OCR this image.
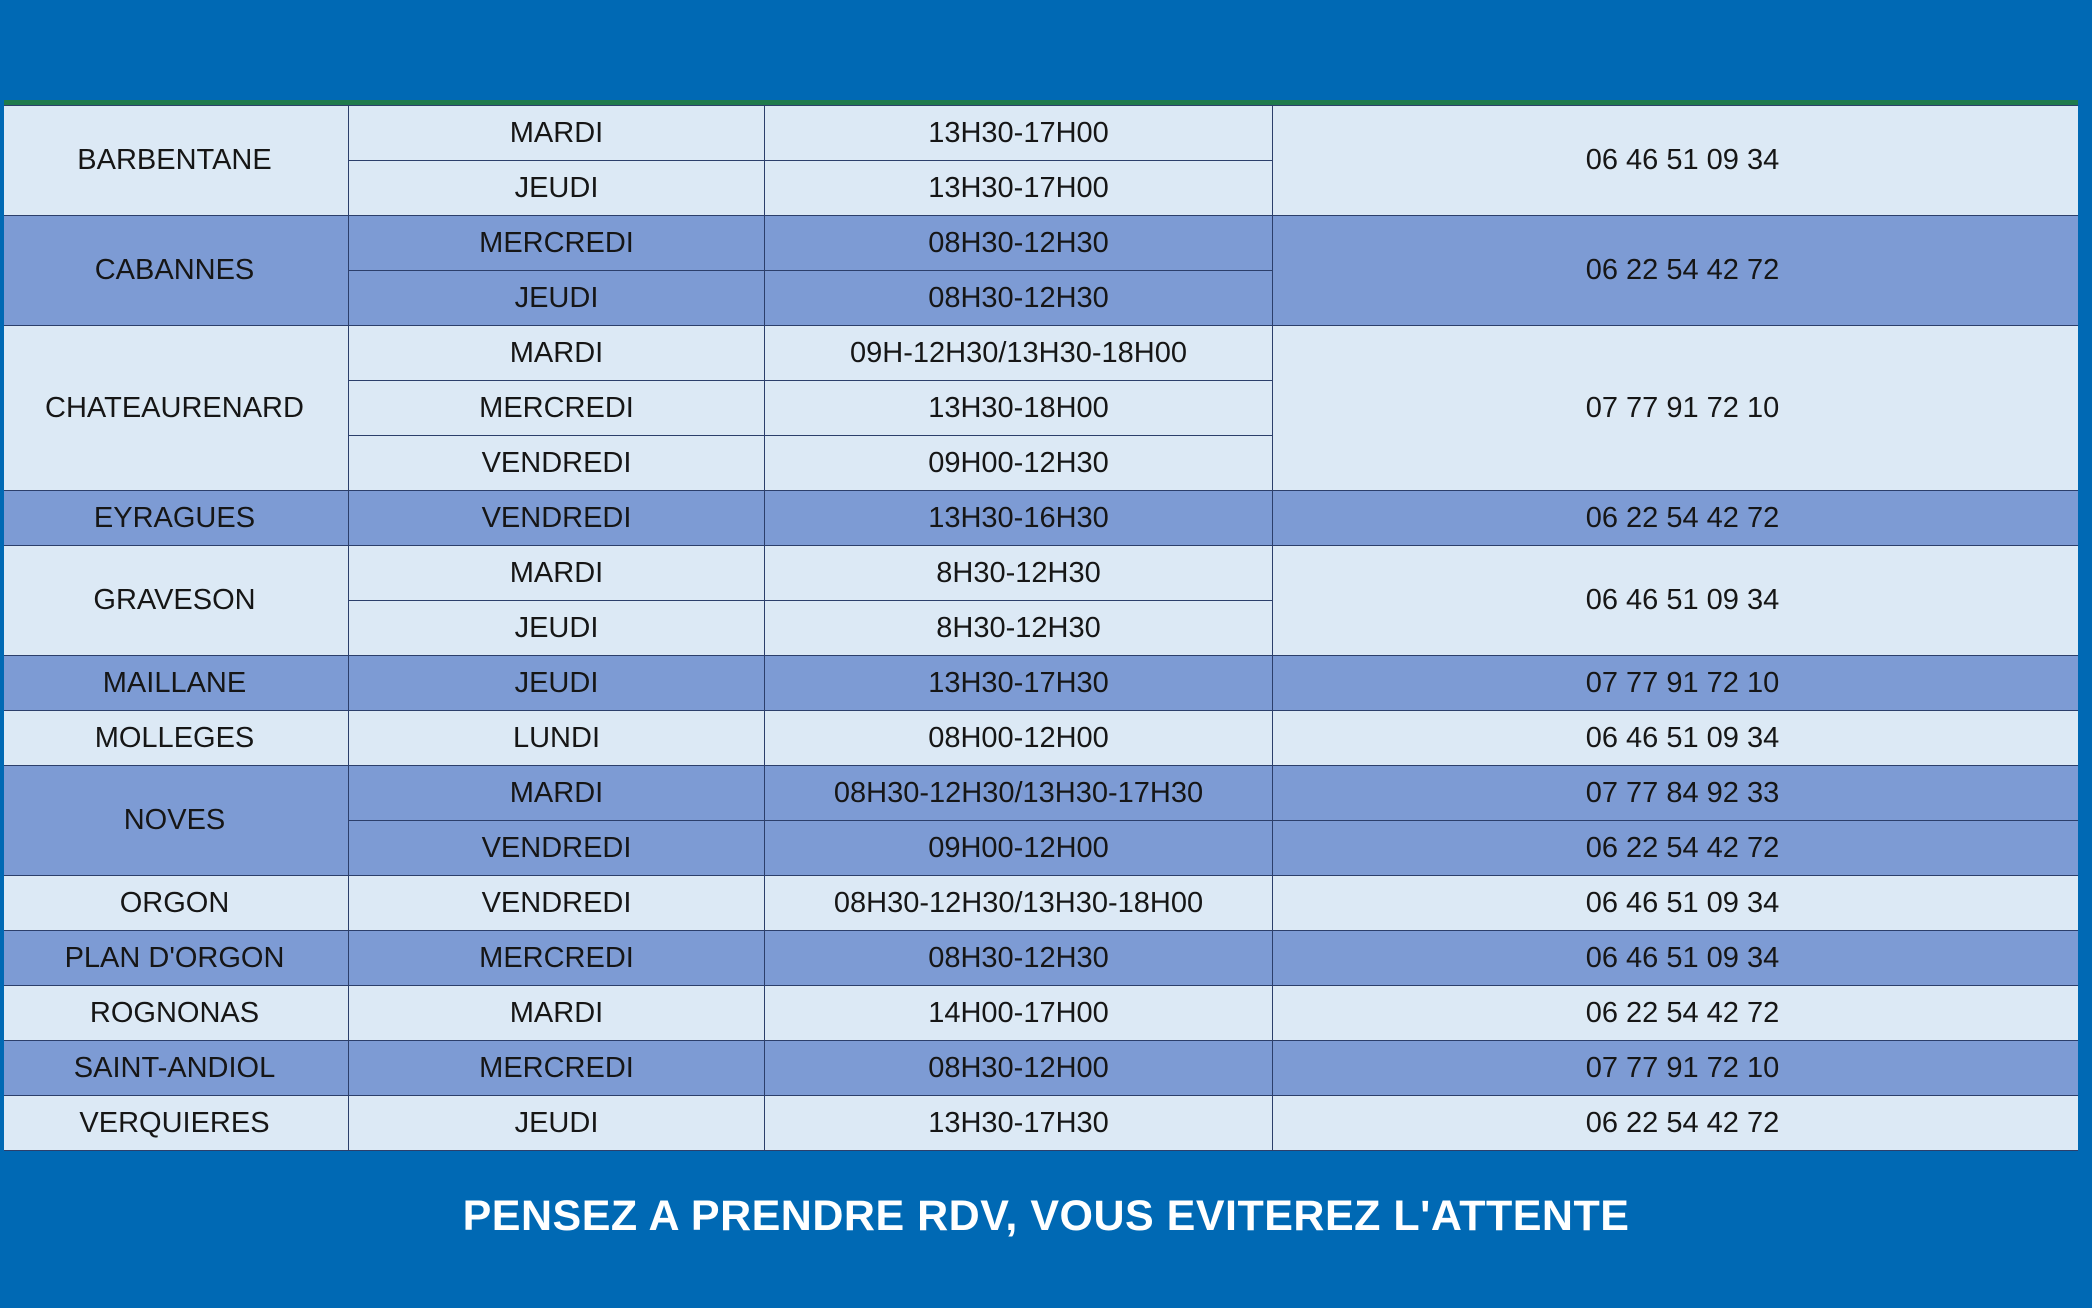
BARBENTANE	MARDI	13H30-17H00	06 46 51 09 34
	JEUDI	13H30-17H00	
CABANNES	MERCREDI	08H30-12H30	06 22 54 42 72
	JEUDI	08H30-12H30	
CHATEAURENARD	MARDI	09H-12H30/13H30-18H00	07 77 91 72 10
	MERCREDI	13H30-18H00	
	VENDREDI	09H00-12H30	
EYRAGUES	VENDREDI	13H30-16H30	06 22 54 42 72
GRAVESON	MARDI	8H30-12H30	06 46 51 09 34
	JEUDI	8H30-12H30	
MAILLANE	JEUDI	13H30-17H30	07 77 91 72 10
MOLLEGES	LUNDI	08H00-12H00	06 46 51 09 34
NOVES	MARDI	08H30-12H30/13H30-17H30	07 77 84 92 33
	VENDREDI	09H00-12H00	06 22 54 42 72
ORGON	VENDREDI	08H30-12H30/13H30-18H00	06 46 51 09 34
PLAN D'ORGON	MERCREDI	08H30-12H30	06 46 51 09 34
ROGNONAS	MARDI	14H00-17H00	06 22 54 42 72
SAINT-ANDIOL	MERCREDI	08H30-12H00	07 77 91 72 10
VERQUIERES	JEUDI	13H30-17H30	06 22 54 42 72
PENSEZ A PRENDRE RDV, VOUS EVITEREZ L'ATTENTE
